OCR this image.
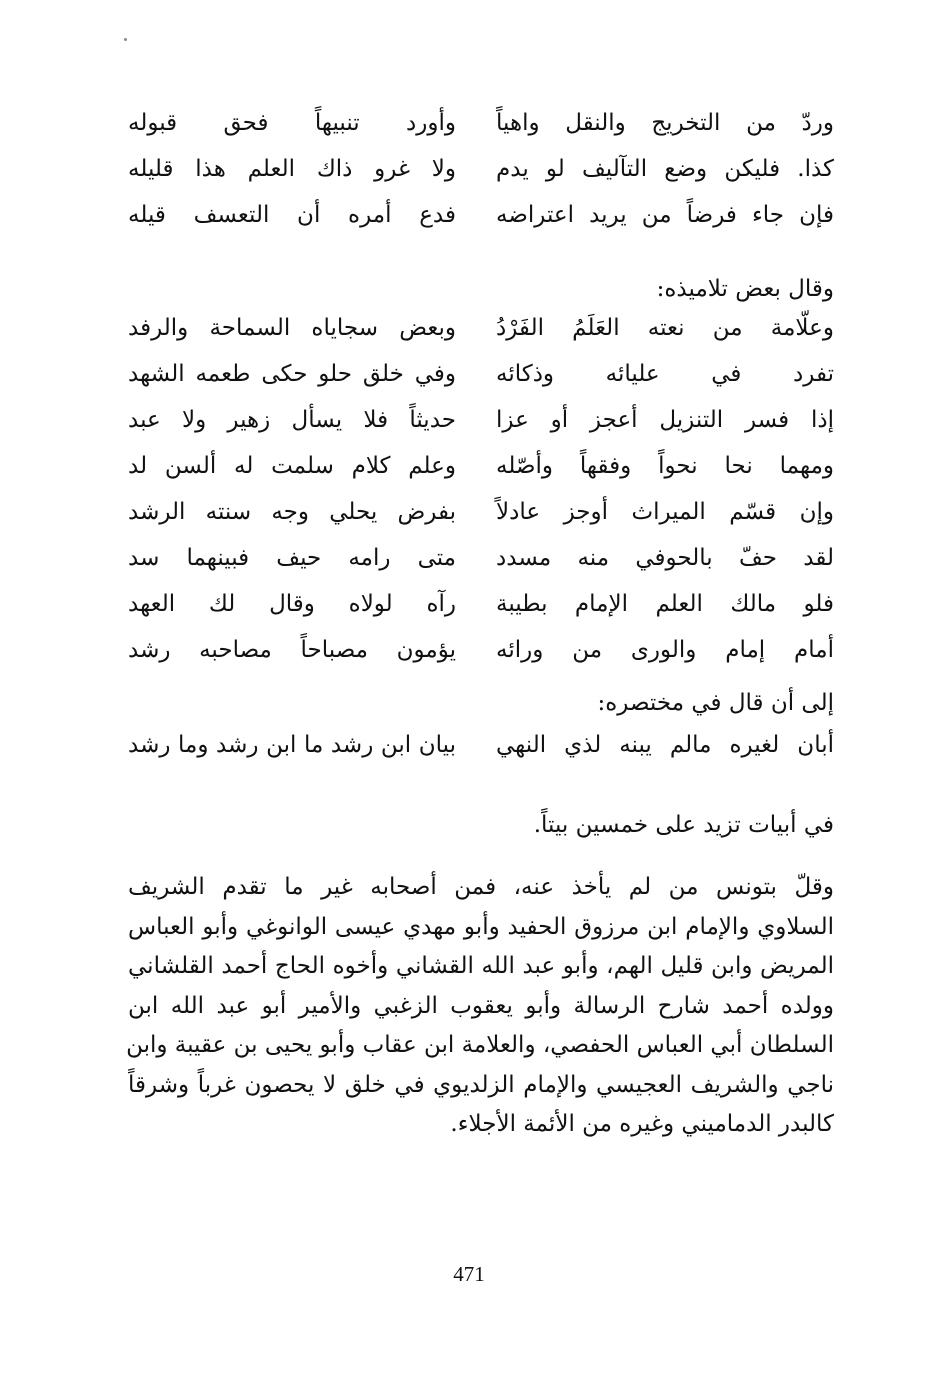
وردّ من التخريج والنقل واهياً
وأورد تنبيهاً فحق قبوله
كذا. فليكن وضع التآليف لو يدم
ولا غرو ذاك العلم هذا قليله
فإن جاء فرضاً من يريد اعتراضه
فدع أمره أن التعسف قيله
وقال بعض تلاميذه:
وعلّامة من نعته العَلَمُ الفَرْدُ
وبعض سجاياه السماحة والرفد
تفرد في عليائه وذكائه
وفي خلق حلو حكى طعمه الشهد
إذا فسر التنزيل أعجز أو عزا
حديثاً فلا يسأل زهير ولا عبد
ومهما نحا نحواً وفقهاً وأصّله
وعلم كلام سلمت له ألسن لد
وإن قسّم الميراث أوجز عادلاً
بفرض يحلي وجه سنته الرشد
لقد حفّ بالحوفي منه مسدد
متى رامه حيف فبينهما سد
فلو مالك العلم الإمام بطيبة
رآه لولاه وقال لك العهد
أمام إمام والورى من ورائه
يؤمون مصباحاً مصاحبه رشد
إلى أن قال في مختصره:
أبان لغيره مالم يبنه لذي النهي
بيان ابن رشد ما ابن رشد وما رشد
في أبيات تزيد على خمسين بيتاً.
وقلّ بتونس من لم يأخذ عنه، فمن أصحابه غير ما تقدم الشريف
السلاوي والإمام ابن مرزوق الحفيد وأبو مهدي عيسى الوانوغي وأبو العباس
المريض وابن قليل الهم، وأبو عبد الله القشاني وأخوه الحاج أحمد القلشاني
وولده أحمد شارح الرسالة وأبو يعقوب الزغبي والأمير أبو عبد الله ابن
السلطان أبي العباس الحفصي، والعلامة ابن عقاب وأبو يحيى بن عقيبة وابن
ناجي والشريف العجيسي والإمام الزلديوي في خلق لا يحصون غرباً وشرقاً
كالبدر الدماميني وغيره من الأئمة الأجلاء.
471
